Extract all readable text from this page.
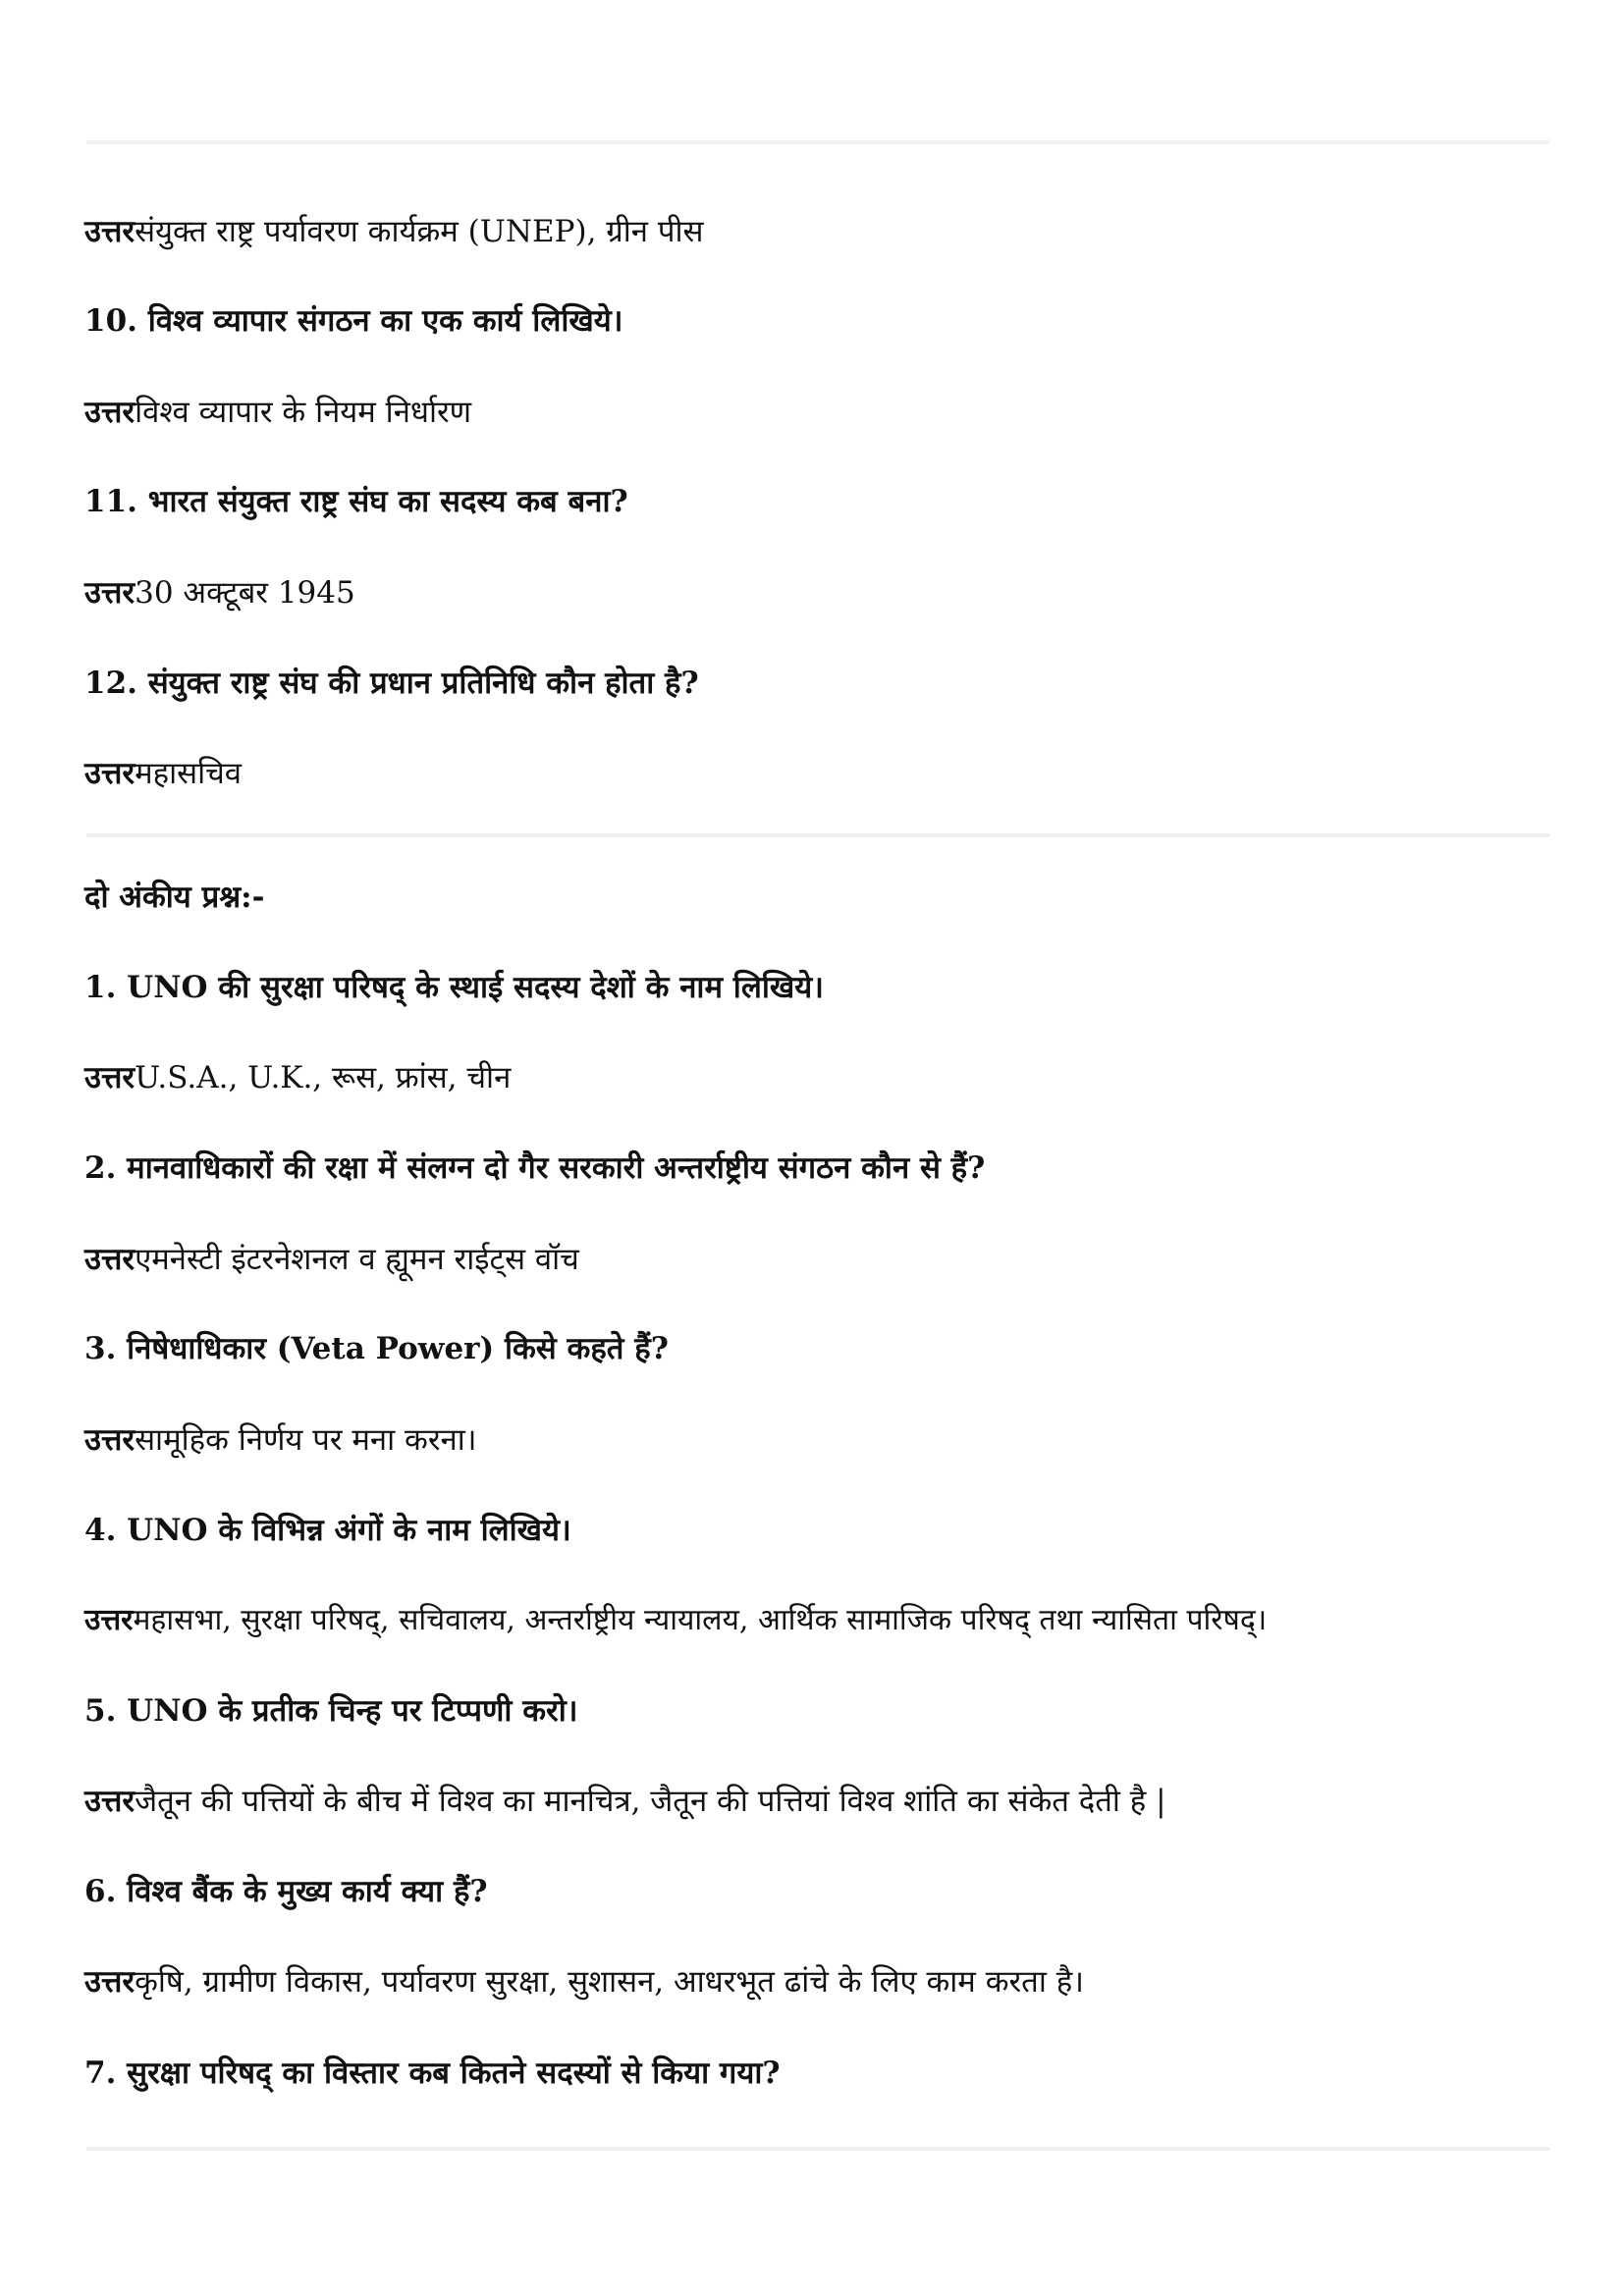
उत्तरसंयुक्त राष्ट्र पर्यावरण कार्यक्रम (UNEP), ग्रीन पीस
10. विश्व व्यापार संगठन का एक कार्य लिखिये।
उत्तरविश्व व्यापार के नियम निर्धारण
11. भारत संयुक्त राष्ट्र संघ का सदस्य कब बना?
उत्तर30 अक्टूबर 1945
12. संयुक्त राष्ट्र संघ की प्रधान प्रतिनिधि कौन होता है?
उत्तरमहासचिव
दो अंकीय प्रश्न:-
1. UNO की सुरक्षा परिषद् के स्थाई सदस्य देशों के नाम लिखिये।
उत्तरU.S.A., U.K., रूस, फ्रांस, चीन
2. मानवाधिकारों की रक्षा में संलग्न दो गैर सरकारी अन्तर्राष्ट्रीय संगठन कौन से हैं?
उत्तरएमनेस्टी इंटरनेशनल व ह्यूमन राईट्स वॉच
3. निषेधाधिकार (Veta Power) किसे कहते हैं?
उत्तरसामूहिक निर्णय पर मना करना।
4. UNO के विभिन्न अंगों के नाम लिखिये।
उत्तरमहासभा, सुरक्षा परिषद्, सचिवालय, अन्तर्राष्ट्रीय न्यायालय, आर्थिक सामाजिक परिषद् तथा न्यासिता परिषद्।
5. UNO के प्रतीक चिन्ह पर टिप्पणी करो।
उत्तरजैतून की पत्तियों के बीच में विश्व का मानचित्र, जैतून की पत्तियां विश्व शांति का संकेत देती है |
6. विश्व बैंक के मुख्य कार्य क्या हैं?
उत्तरकृषि, ग्रामीण विकास, पर्यावरण सुरक्षा, सुशासन, आधरभूत ढांचे के लिए काम करता है।
7. सुरक्षा परिषद् का विस्तार कब कितने सदस्यों से किया गया?
